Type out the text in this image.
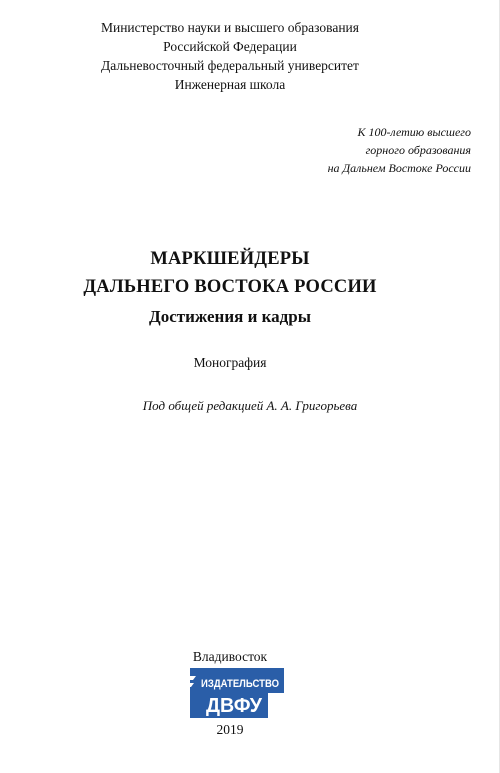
Министерство науки и высшего образования
Российской Федерации
Дальневосточный федеральный университет
Инженерная школа
К 100-летию высшего
горного образования
на Дальнем Востоке России
МАРКШЕЙДЕРЫ
ДАЛЬНЕГО ВОСТОКА РОССИИ
Достижения и кадры
Монография
Под общей редакцией А. А. Григорьева
Владивосток
ИЗДАТЕЛЬСТВО
ДВФУ
2019
